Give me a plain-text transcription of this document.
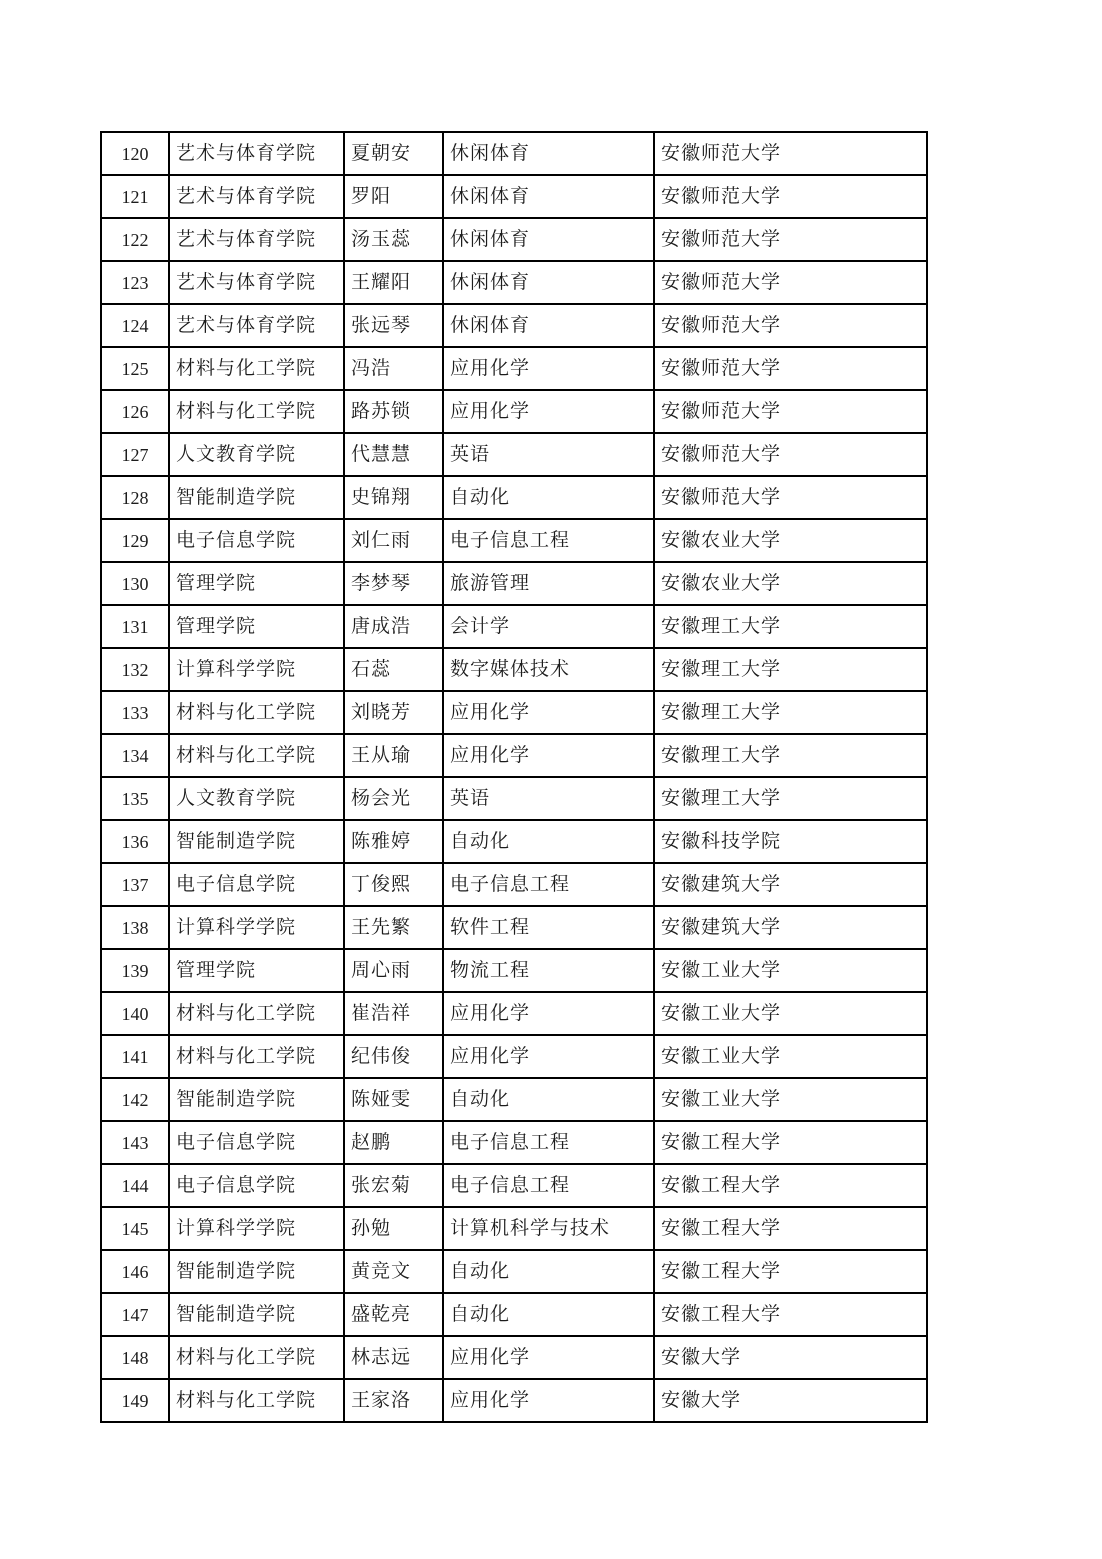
120	艺术与体育学院	夏朝安	休闲体育	安徽师范大学
121	艺术与体育学院	罗阳	休闲体育	安徽师范大学
122	艺术与体育学院	汤玉蕊	休闲体育	安徽师范大学
123	艺术与体育学院	王耀阳	休闲体育	安徽师范大学
124	艺术与体育学院	张远琴	休闲体育	安徽师范大学
125	材料与化工学院	冯浩	应用化学	安徽师范大学
126	材料与化工学院	路苏锁	应用化学	安徽师范大学
127	人文教育学院	代慧慧	英语	安徽师范大学
128	智能制造学院	史锦翔	自动化	安徽师范大学
129	电子信息学院	刘仁雨	电子信息工程	安徽农业大学
130	管理学院	李梦琴	旅游管理	安徽农业大学
131	管理学院	唐成浩	会计学	安徽理工大学
132	计算科学学院	石蕊	数字媒体技术	安徽理工大学
133	材料与化工学院	刘晓芳	应用化学	安徽理工大学
134	材料与化工学院	王从瑜	应用化学	安徽理工大学
135	人文教育学院	杨会光	英语	安徽理工大学
136	智能制造学院	陈雅婷	自动化	安徽科技学院
137	电子信息学院	丁俊熙	电子信息工程	安徽建筑大学
138	计算科学学院	王先繁	软件工程	安徽建筑大学
139	管理学院	周心雨	物流工程	安徽工业大学
140	材料与化工学院	崔浩祥	应用化学	安徽工业大学
141	材料与化工学院	纪伟俊	应用化学	安徽工业大学
142	智能制造学院	陈娅雯	自动化	安徽工业大学
143	电子信息学院	赵鹏	电子信息工程	安徽工程大学
144	电子信息学院	张宏菊	电子信息工程	安徽工程大学
145	计算科学学院	孙勉	计算机科学与技术	安徽工程大学
146	智能制造学院	黄竞文	自动化	安徽工程大学
147	智能制造学院	盛乾亮	自动化	安徽工程大学
148	材料与化工学院	林志远	应用化学	安徽大学
149	材料与化工学院	王家洛	应用化学	安徽大学
